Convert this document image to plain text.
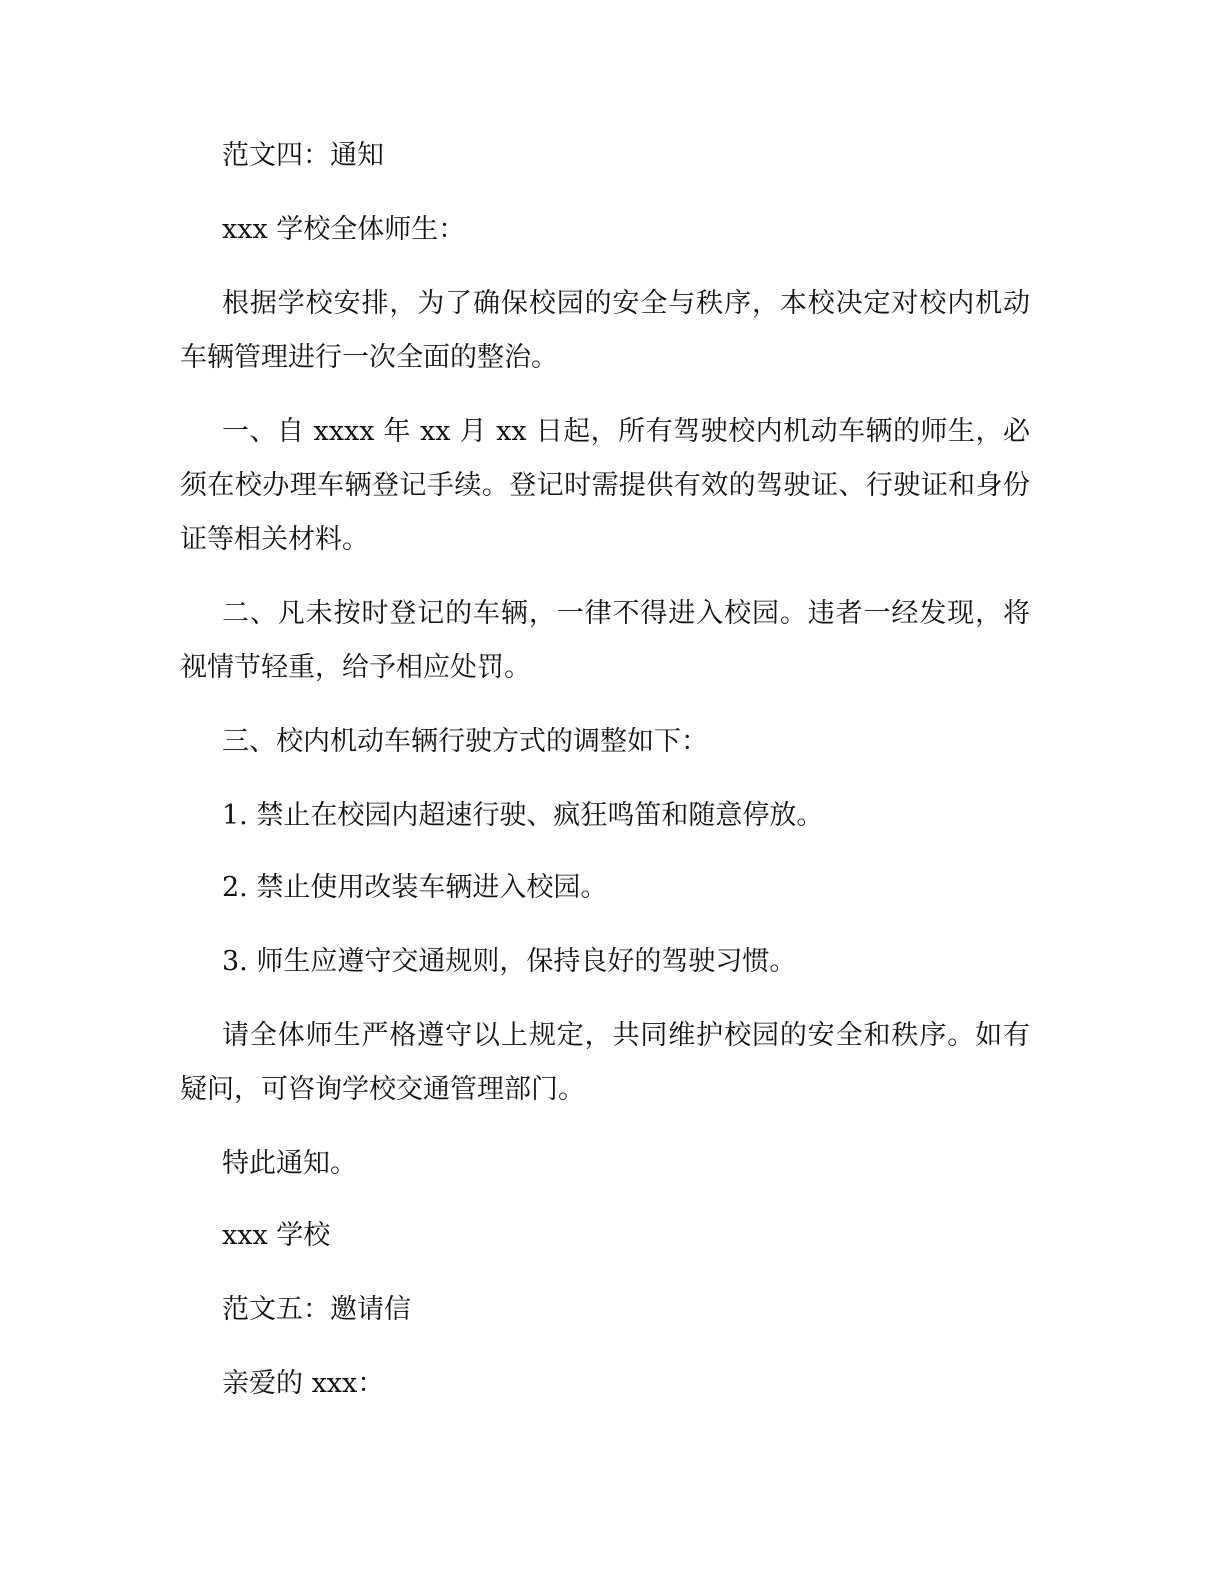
范文四：通知

xxx 学校全体师生：

根据学校安排，为了确保校园的安全与秩序，本校决定对校内机动车辆管理进行一次全面的整治。

一、自 xxxx 年 xx 月 xx 日起，所有驾驶校内机动车辆的师生，必须在校办理车辆登记手续。登记时需提供有效的驾驶证、行驶证和身份证等相关材料。

二、凡未按时登记的车辆，一律不得进入校园。违者一经发现，将视情节轻重，给予相应处罚。

三、校内机动车辆行驶方式的调整如下：

1. 禁止在校园内超速行驶、疯狂鸣笛和随意停放。

2. 禁止使用改装车辆进入校园。

3. 师生应遵守交通规则，保持良好的驾驶习惯。

请全体师生严格遵守以上规定，共同维护校园的安全和秩序。如有疑问，可咨询学校交通管理部门。

特此通知。

xxx 学校

范文五：邀请信

亲爱的 xxx：
